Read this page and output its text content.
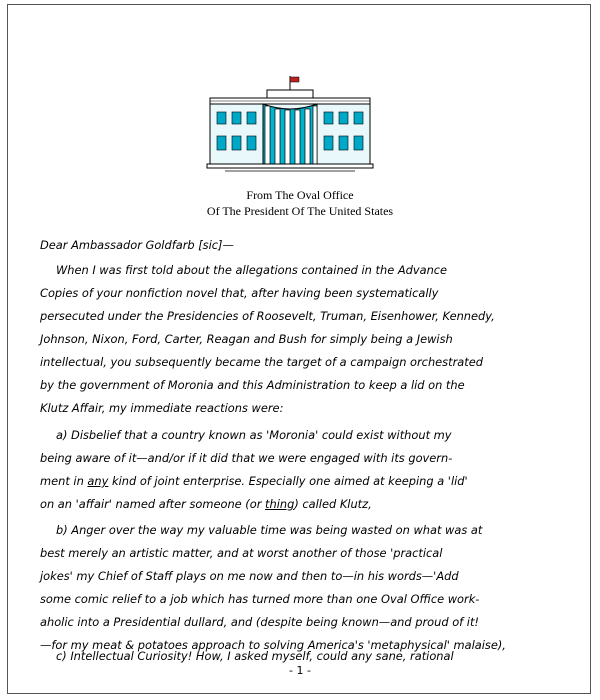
From The Oval Office
Of The President Of The United States
Dear Ambassador Goldfarb [sic]—
When I was first told about the allegations contained in the Advance
Copies of your nonfiction novel that, after having been systematically
persecuted under the Presidencies of Roosevelt, Truman, Eisenhower, Kennedy,
Johnson, Nixon, Ford, Carter, Reagan and Bush for simply being a Jewish
intellectual, you subsequently became the target of a campaign orchestrated
by the government of Moronia and this Administration to keep a lid on the
Klutz Affair, my immediate reactions were:
a) Disbelief that a country known as 'Moronia' could exist without my
being aware of it—and/or if it did that we were engaged with its govern-
ment in any kind of joint enterprise. Especially one aimed at keeping a 'lid'
on an 'affair' named after someone (or thing) called Klutz,
b) Anger over the way my valuable time was being wasted on what was at
best merely an artistic matter, and at worst another of those 'practical
jokes' my Chief of Staff plays on me now and then to—in his words—'Add
some comic relief to a job which has turned more than one Oval Office work-
aholic into a Presidential dullard, and (despite being known—and proud of it!
—for my meat & potatoes approach to solving America's 'metaphysical' malaise),
c) Intellectual Curiosity! How, I asked myself, could any sane, rational
- 1 -
